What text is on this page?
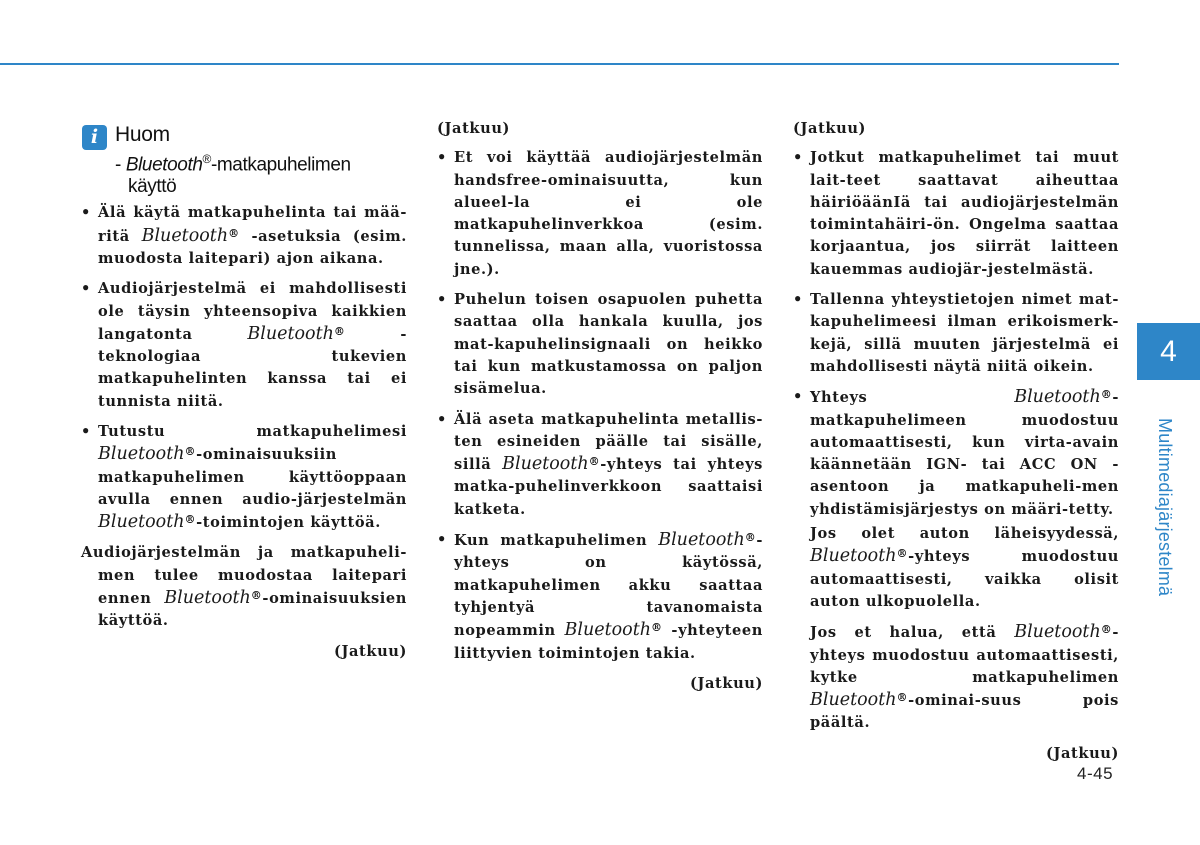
i Huom
- Bluetooth®-matkapuhelimen
käyttö
• Älä käytä matkapuhelinta tai mää-ritä Bluetooth® -asetuksia (esim. muodosta laitepari) ajon aikana.
• Audiojärjestelmä ei mahdollisesti ole täysin yhteensopiva kaikkien langatonta Bluetooth® -teknologiaa tukevien matkapuhelinten kanssa tai ei tunnista niitä.
• Tutustu matkapuhelimesi Bluetooth®-ominaisuuksiin matkapuhelimen käyttöoppaan avulla ennen audio-järjestelmän Bluetooth®-toimintojen käyttöä.
Audiojärjestelmän ja matkapuheli-men tulee muodostaa laitepari ennen Bluetooth®-ominaisuuksien käyttöä.
(Jatkuu)
(Jatkuu)
• Et voi käyttää audiojärjestelmän handsfree-ominaisuutta, kun alueel-la ei ole matkapuhelinverkkoa (esim. tunnelissa, maan alla, vuoristossa jne.).
• Puhelun toisen osapuolen puhetta saattaa olla hankala kuulla, jos mat-kapuhelinsignaali on heikko tai kun matkustamossa on paljon sisämelua.
• Älä aseta matkapuhelinta metallis-ten esineiden päälle tai sisälle, sillä Bluetooth®-yhteys tai yhteys matka-puhelinverkkoon saattaisi katketa.
• Kun matkapuhelimen Bluetooth®-yhteys on käytössä, matkapuhelimen akku saattaa tyhjentyä tavanomaista nopeammin Bluetooth® -yhteyteen liittyvien toimintojen takia.
(Jatkuu)
(Jatkuu)
• Jotkut matkapuhelimet tai muut lait-teet saattavat aiheuttaa häiriöäänIä tai audiojärjestelmän toimintahäiri-ön. Ongelma saattaa korjaantua, jos siirrät laitteen kauemmas audiojär-jestelmästä.
• Tallenna yhteystietojen nimet mat-kapuhelimeesi ilman erikoismerk-kejä, sillä muuten järjestelmä ei mahdollisesti näytä niitä oikein.
• Yhteys Bluetooth®-matkapuhelimeen muodostuu automaattisesti, kun virta-avain käännetään IGN- tai ACC ON -asentoon ja matkapuheli-men yhdistämisjärjestys on määri-tetty.
Jos olet auton läheisyydessä, Bluetooth®-yhteys muodostuu automaattisesti, vaikka olisit auton ulkopuolella.
Jos et halua, että Bluetooth®-yhteys muodostuu automaattisesti, kytke matkapuhelimen Bluetooth®-ominai-suus pois päältä.
(Jatkuu)
4
Multimediajärjestelmä
4-45
